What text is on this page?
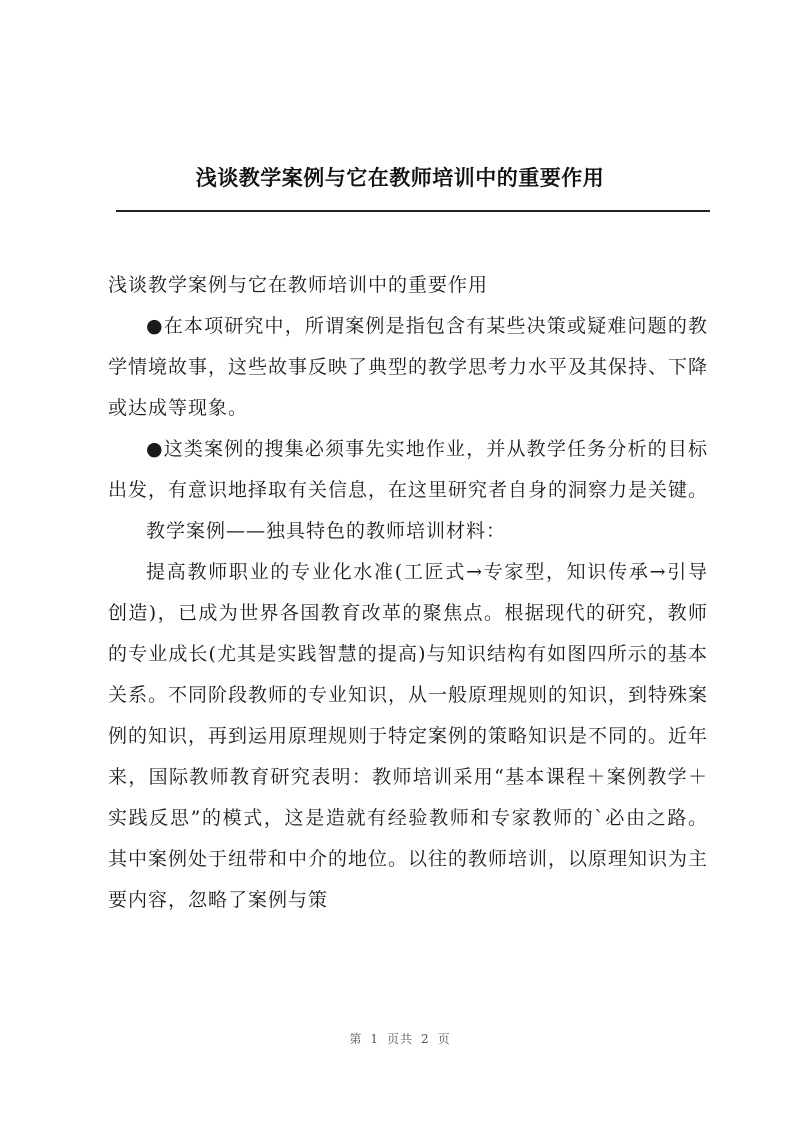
浅谈教学案例与它在教师培训中的重要作用

浅谈教学案例与它在教师培训中的重要作用

●在本项研究中，所谓案例是指包含有某些决策或疑难问题的教学情境故事，这些故事反映了典型的教学思考力水平及其保持、下降或达成等现象。

●这类案例的搜集必须事先实地作业，并从教学任务分析的目标出发，有意识地择取有关信息，在这里研究者自身的洞察力是关键。

教学案例——独具特色的教师培训材料：

提高教师职业的专业化水准(工匠式→专家型，知识传承→引导创造)，已成为世界各国教育改革的聚焦点。根据现代的研究，教师的专业成长(尤其是实践智慧的提高)与知识结构有如图四所示的基本关系。不同阶段教师的专业知识，从一般原理规则的知识，到特殊案例的知识，再到运用原理规则于特定案例的策略知识是不同的。近年来，国际教师教育研究表明：教师培训采用“基本课程＋案例教学＋实践反思”的模式，这是造就有经验教师和专家教师的`必由之路。其中案例处于纽带和中介的地位。以往的教师培训，以原理知识为主要内容，忽略了案例与策

第 1 页共 2 页
